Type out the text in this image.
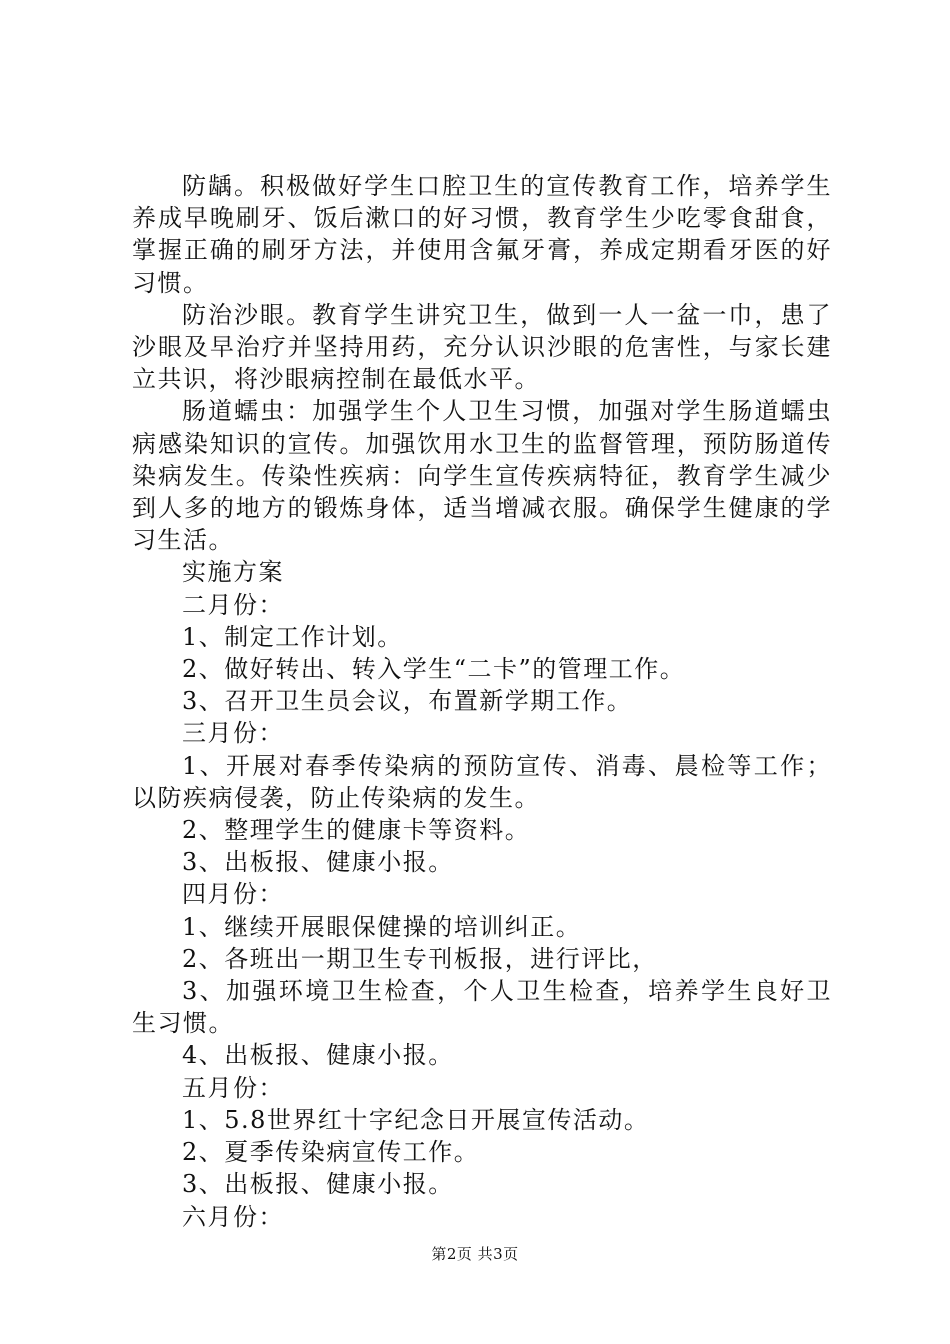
防龋。积极做好学生口腔卫生的宣传教育工作，培养学生养成早晚刷牙、饭后漱口的好习惯，教育学生少吃零食甜食，掌握正确的刷牙方法，并使用含氟牙膏，养成定期看牙医的好习惯。

防治沙眼。教育学生讲究卫生，做到一人一盆一巾，患了沙眼及早治疗并坚持用药，充分认识沙眼的危害性，与家长建立共识，将沙眼病控制在最低水平。

肠道蠕虫：加强学生个人卫生习惯，加强对学生肠道蠕虫病感染知识的宣传。加强饮用水卫生的监督管理，预防肠道传染病发生。传染性疾病：向学生宣传疾病特征，教育学生减少到人多的地方的锻炼身体，适当增减衣服。确保学生健康的学习生活。

实施方案

二月份：

1、制定工作计划。

2、做好转出、转入学生“二卡”的管理工作。

3、召开卫生员会议，布置新学期工作。

三月份：

1、开展对春季传染病的预防宣传、消毒、晨检等工作；以防疾病侵袭，防止传染病的发生。

2、整理学生的健康卡等资料。

3、出板报、健康小报。

四月份：

1、继续开展眼保健操的培训纠正。

2、各班出一期卫生专刊板报，进行评比，

3、加强环境卫生检查，个人卫生检查，培养学生良好卫生习惯。

4、出板报、健康小报。

五月份：

1、5.8世界红十字纪念日开展宣传活动。

2、夏季传染病宣传工作。

3、出板报、健康小报。

六月份：

第2页 共3页
